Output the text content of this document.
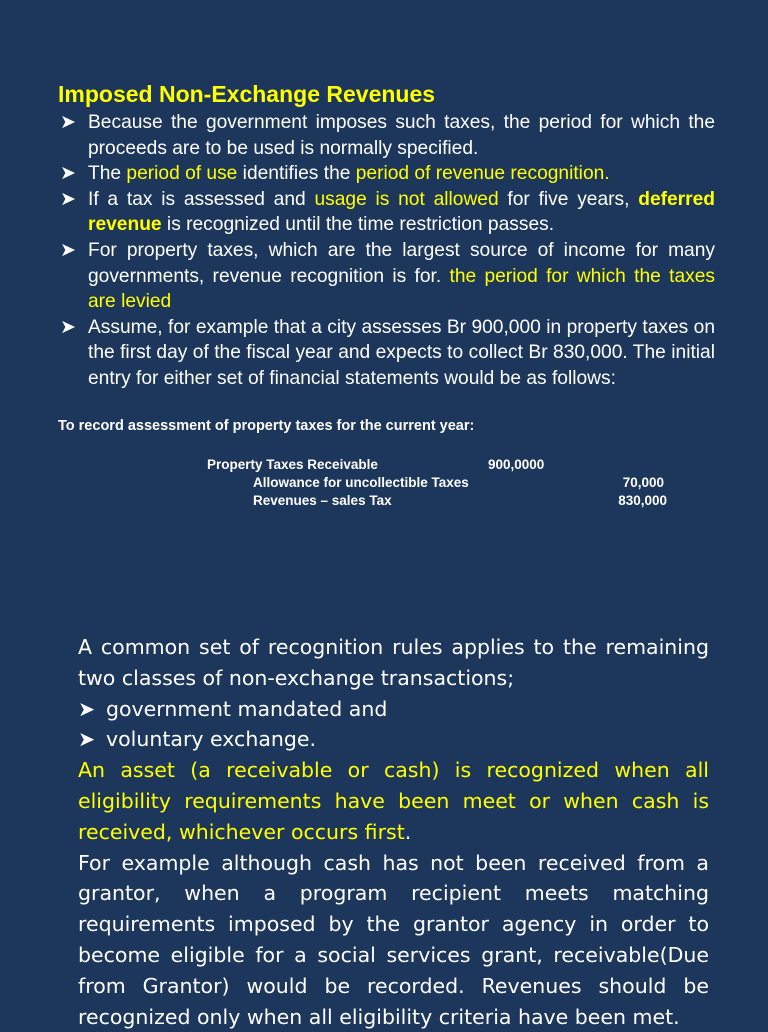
Imposed Non-Exchange Revenues
➤ Because the government imposes such taxes, the period for which the proceeds are to be used is normally specified.
➤ The period of use identifies the period of revenue recognition.
➤ If a tax is assessed and usage is not allowed for five years, deferred revenue is recognized until the time restriction passes.
➤ For property taxes, which are the largest source of income for many governments, revenue recognition is for. the period for which the taxes are levied
➤ Assume, for example that a city assesses Br 900,000 in property taxes on the first day of the fiscal year and expects to collect Br 830,000. The initial entry for either set of financial statements would be as follows:
To record assessment of property taxes for the current year:
Property Taxes Receivable	900,0000
Allowance for uncollectible Taxes	70,000
Revenues – sales Tax	830,000

A common set of recognition rules applies to the remaining two classes of non-exchange transactions;

➤ government mandated and

➤ voluntary exchange.

An asset (a receivable or cash) is recognized when all eligibility requirements have been meet or when cash is received, whichever occurs first.

For example although cash has not been received from a grantor, when a program recipient meets matching requirements imposed by the grantor agency in order to become eligible for a social services grant, receivable(Due from Grantor) would be recorded. Revenues should be recognized only when all eligibility criteria have been met.
